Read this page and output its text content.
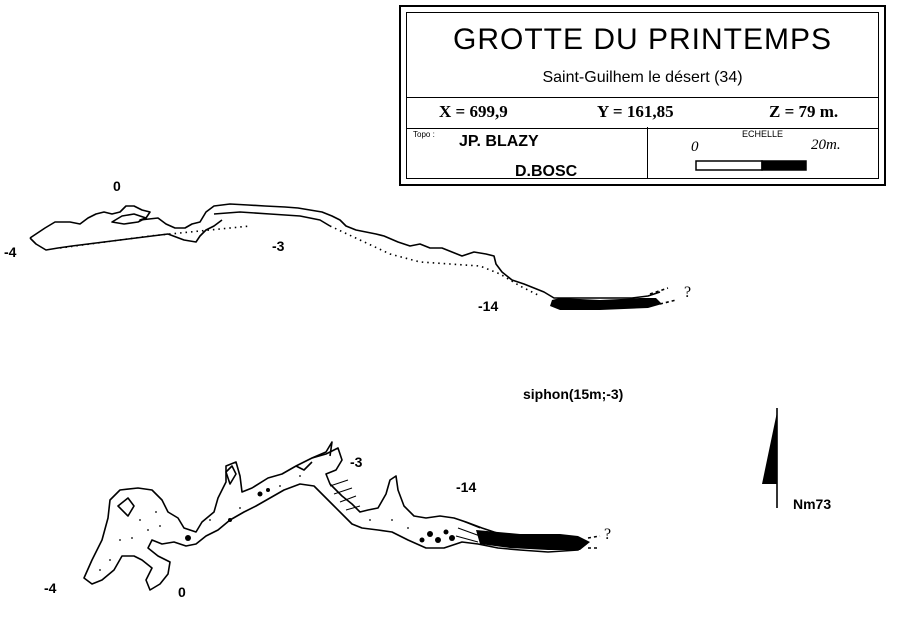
GROTTE DU PRINTEMPS
Saint-Guilhem le désert (34)
X = 699,9	Y = 161,85	Z = 79 m.
Topo : JP. BLAZY
D.BOSC
ECHELLE
0	20m.
0
-4	-3
-14
?
siphon(15m;-3)
-3
-14
-4	0
?
Nm73
